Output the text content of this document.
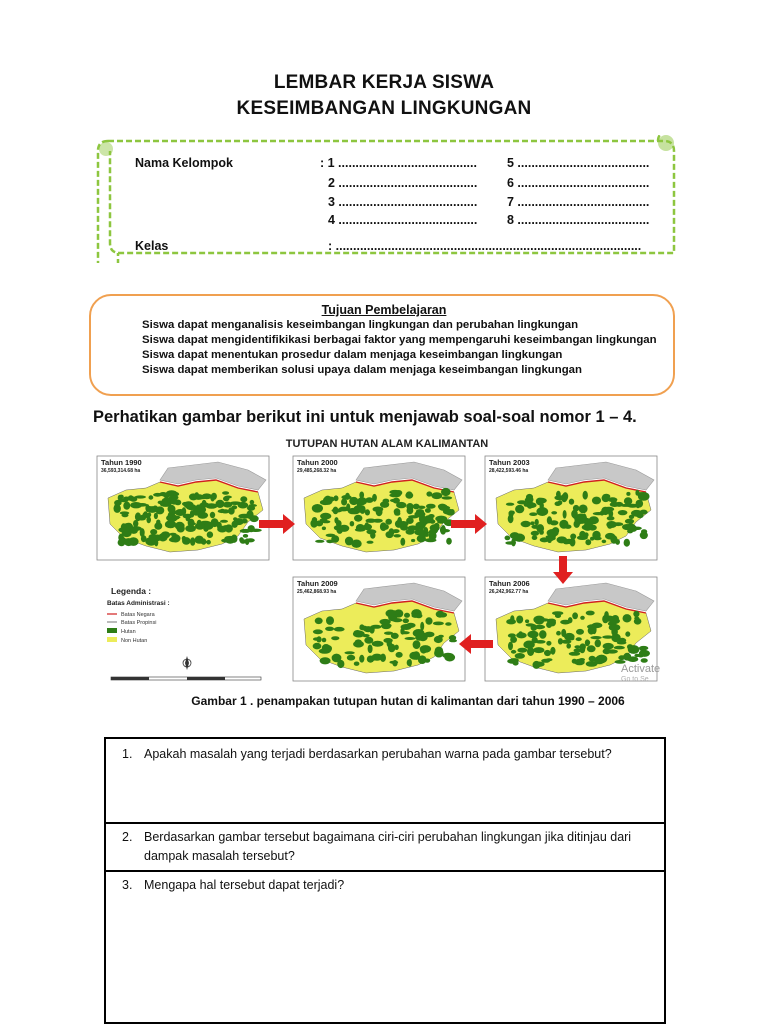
LEMBAR KERJA SISWA
KESEIMBANGAN LINGKUNGAN
Nama Kelompok	: 1 ........................................
2 ........................................
3 ........................................
4 ........................................
5 ......................................
6 ......................................
7 ......................................
8 ......................................
Kelas	: ........................................................................................
Tujuan Pembelajaran
Siswa dapat menganalisis keseimbangan lingkungan dan perubahan lingkungan
Siswa dapat mengidentifikikasi berbagai faktor yang mempengaruhi keseimbangan lingkungan
Siswa dapat menentukan prosedur dalam menjaga keseimbangan lingkungan
Siswa dapat memberikan solusi upaya dalam menjaga keseimbangan lingkungan
Perhatikan gambar berikut ini untuk menjawab soal-soal nomor 1 – 4.
TUTUPAN HUTAN ALAM KALIMANTAN
Tahun 1990
36,593,314.68 ha
Tahun 2000
29,485,268.32 ha
Tahun 2003
28,422,593.46 ha
Tahun 2009
25,462,868.93 ha
Tahun 2006
26,242,962.77 ha
Legenda :
Batas Administrasi :
Batas Negara
Batas Propinsi
Hutan
Non Hutan
Activate
Go to Se
Gambar 1 . penampakan tutupan hutan di kalimantan dari tahun 1990 – 2006
1. Apakah masalah yang terjadi berdasarkan perubahan warna pada gambar tersebut?
2. Berdasarkan gambar tersebut bagaimana ciri-ciri perubahan lingkungan jika ditinjau dari dampak masalah tersebut?
3. Mengapa hal tersebut dapat terjadi?
